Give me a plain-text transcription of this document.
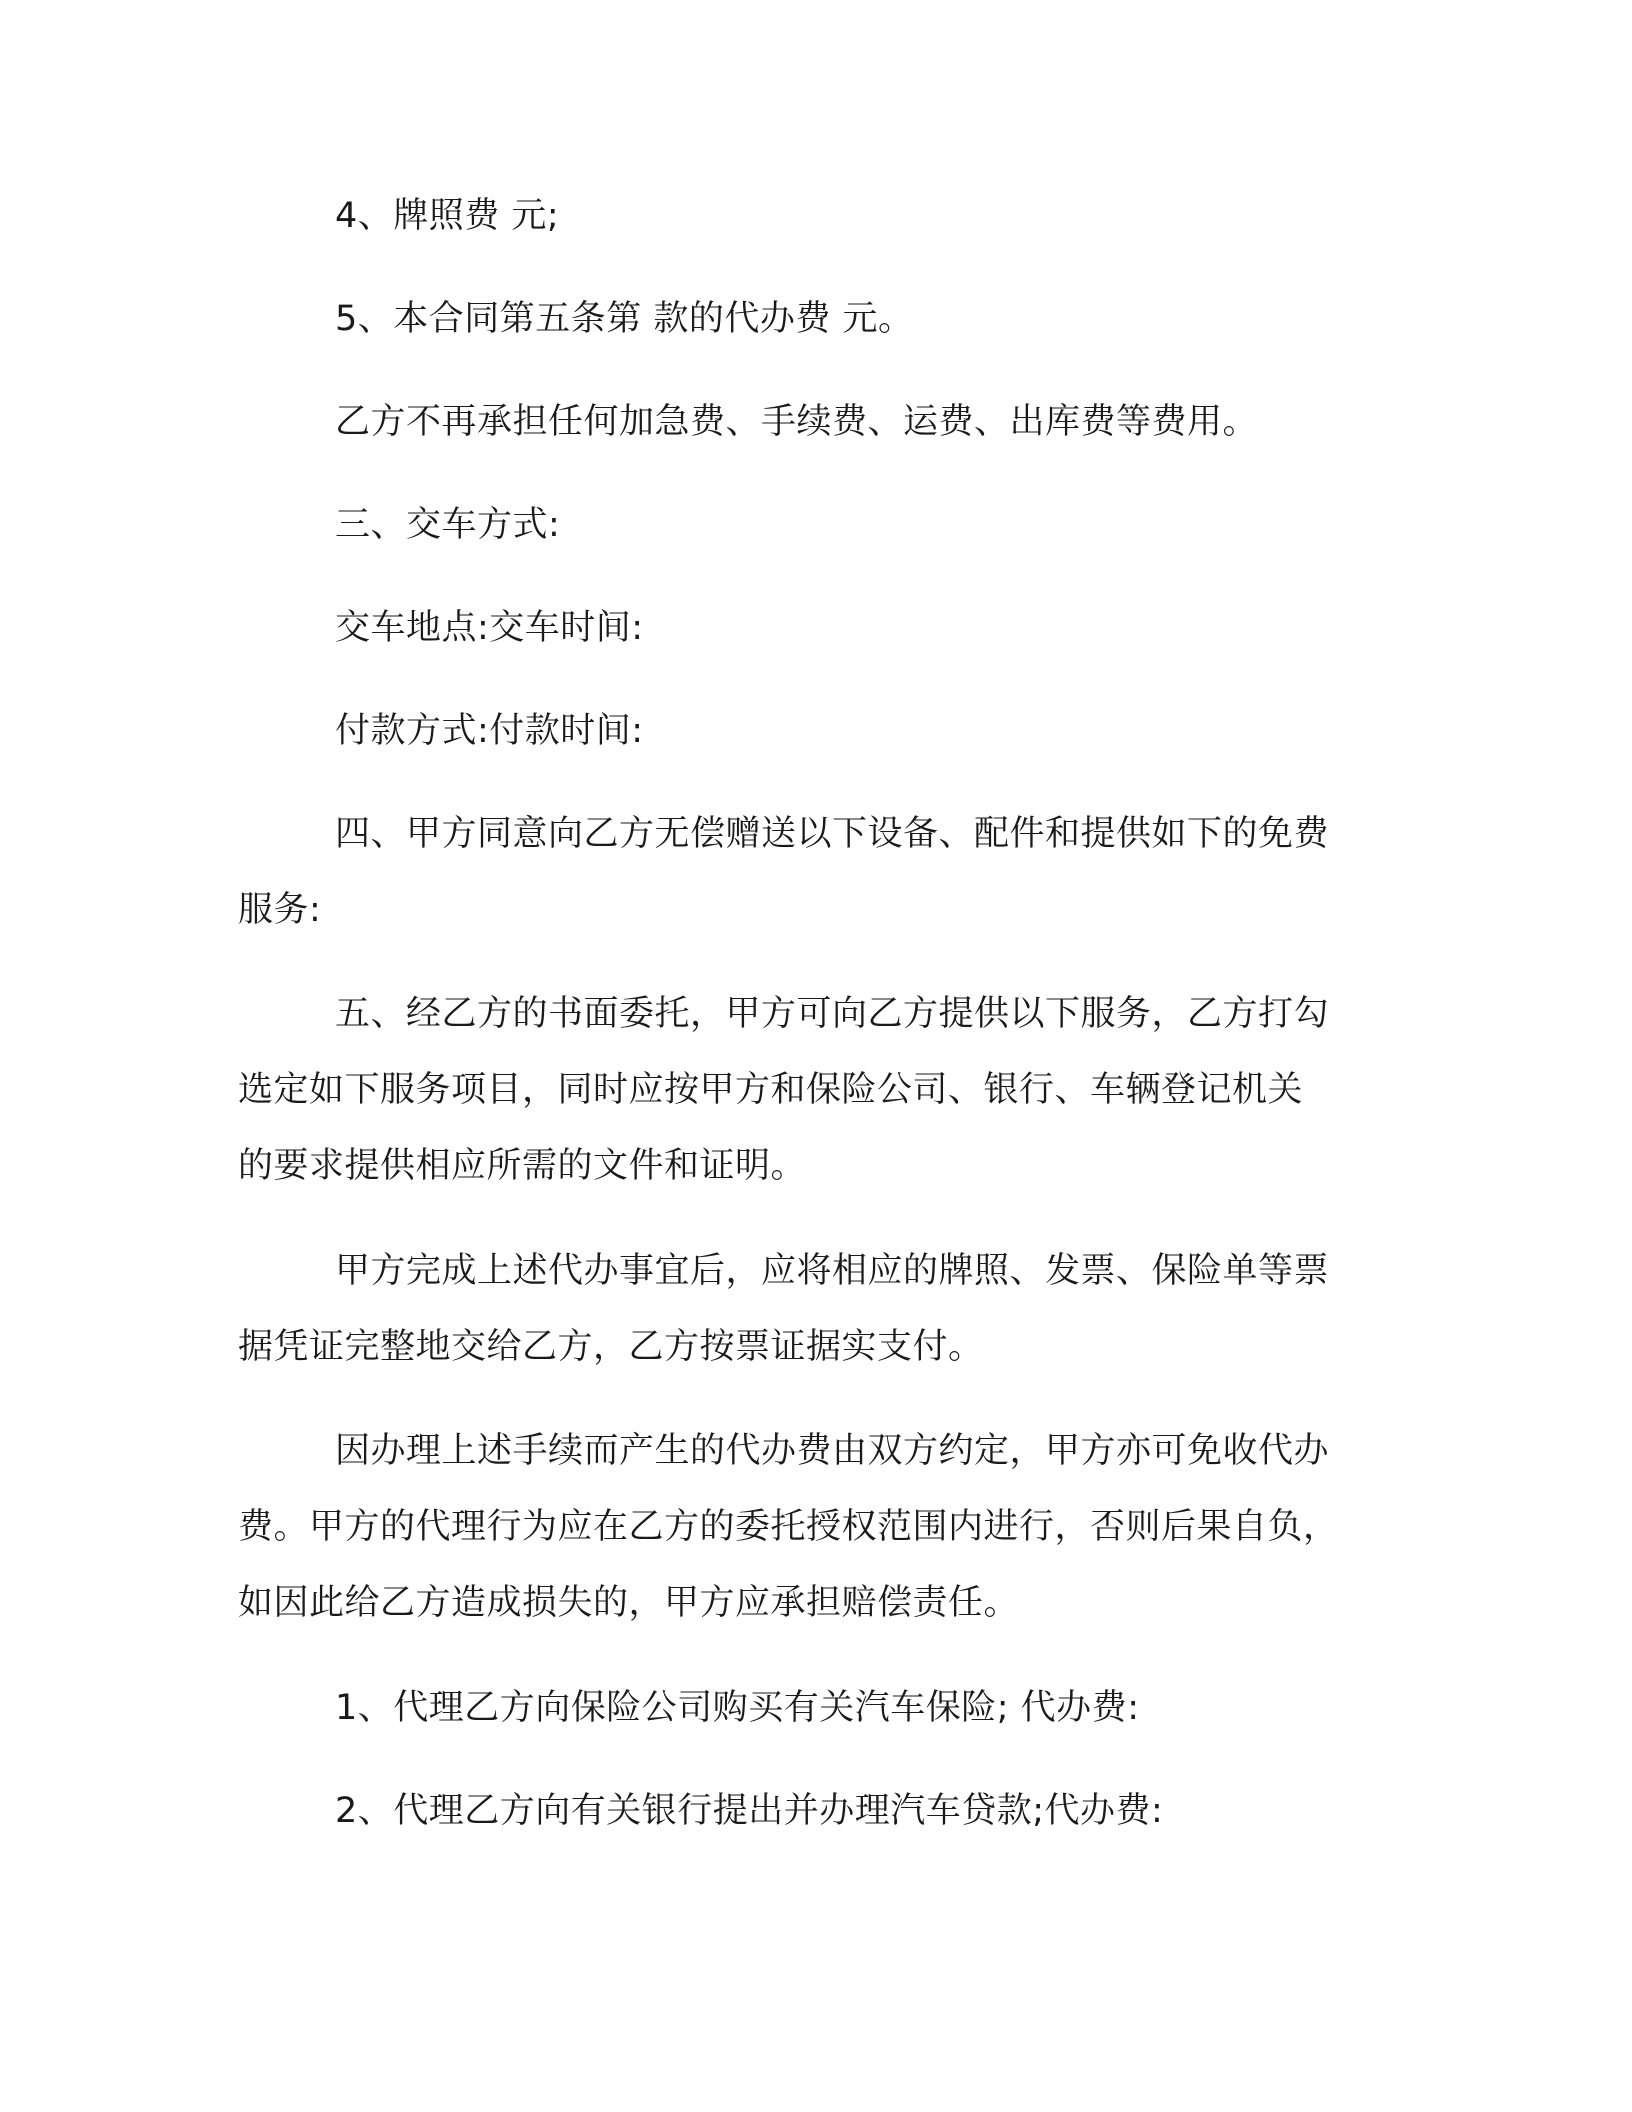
4、牌照费 元;

5、本合同第五条第 款的代办费 元。

乙方不再承担任何加急费、手续费、运费、出库费等费用。

三、交车方式:

交车地点:交车时间:

付款方式:付款时间:

四、甲方同意向乙方无偿赠送以下设备、配件和提供如下的免费
服务:

五、经乙方的书面委托，甲方可向乙方提供以下服务，乙方打勾
选定如下服务项目，同时应按甲方和保险公司、银行、车辆登记机关
的要求提供相应所需的文件和证明。

甲方完成上述代办事宜后，应将相应的牌照、发票、保险单等票
据凭证完整地交给乙方，乙方按票证据实支付。

因办理上述手续而产生的代办费由双方约定，甲方亦可免收代办
费。甲方的代理行为应在乙方的委托授权范围内进行，否则后果自负，
如因此给乙方造成损失的，甲方应承担赔偿责任。

1、代理乙方向保险公司购买有关汽车保险; 代办费:

2、代理乙方向有关银行提出并办理汽车贷款;代办费:
